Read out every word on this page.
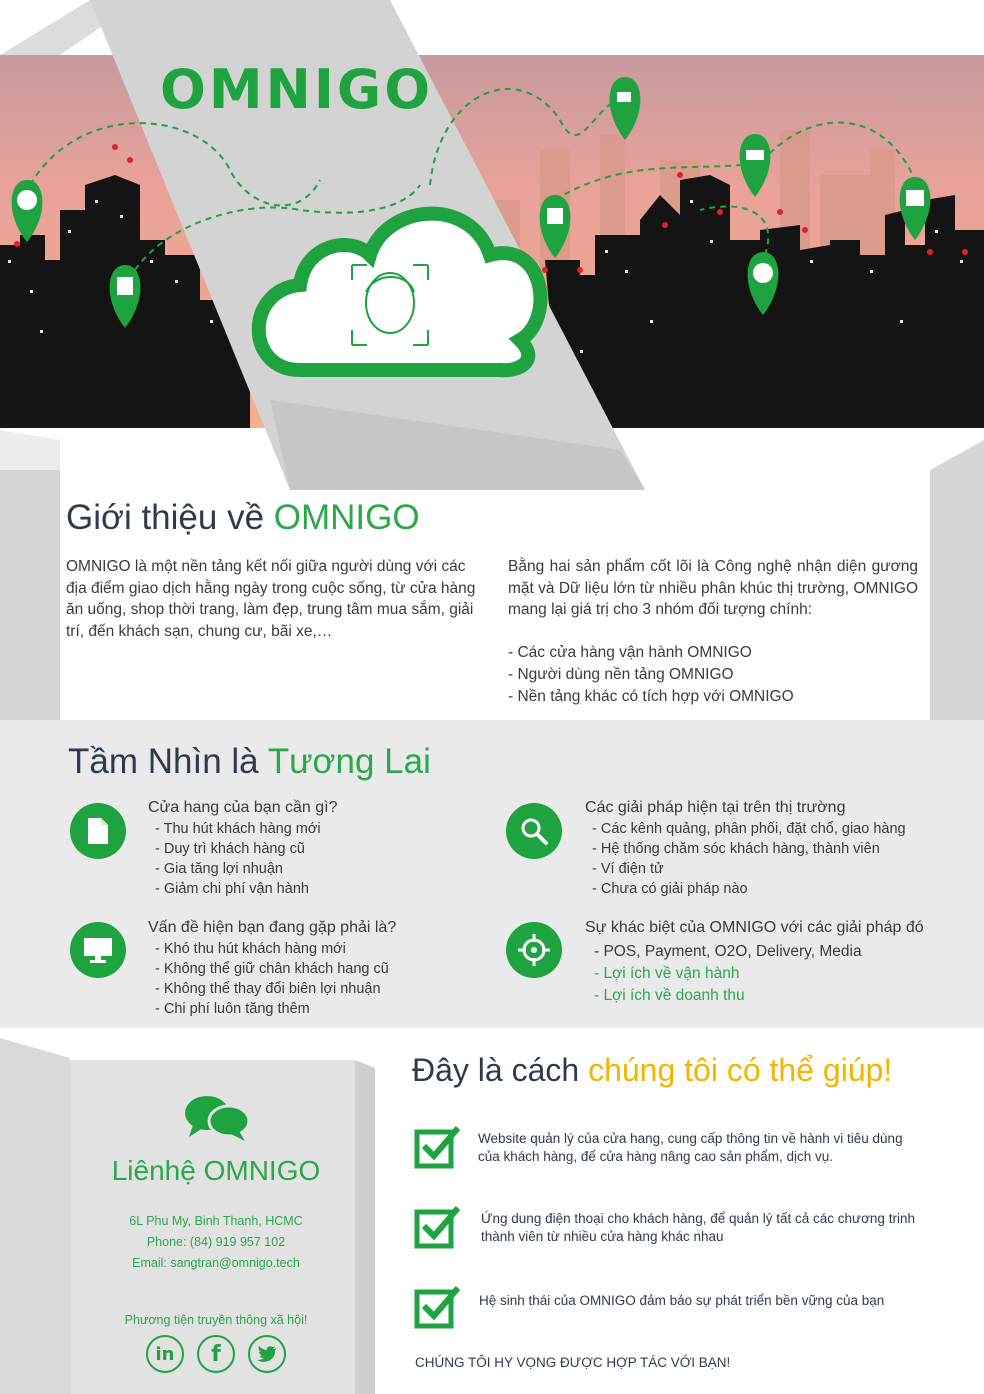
OMNIGO
Giới thiệu về OMNIGO
OMNIGO là một nền tảng kết nối giữa người dùng với các địa điểm giao dịch hằng ngày trong cuộc sống, từ cửa hàng ăn uống, shop thời trang, làm đẹp, trung tâm mua sắm, giải trí, đến khách sạn, chung cư, bãi xe,…
Bằng hai sản phẩm cốt lõi là Công nghệ nhận diện gương mặt và Dữ liệu lớn từ nhiều phân khúc thị trường, OMNIGO mang lại giá trị cho 3 nhóm đối tượng chính:
- Các cửa hàng vận hành OMNIGO
- Người dùng nền tảng OMNIGO
- Nền tảng khác có tích hợp với OMNIGO
Tầm Nhìn là Tương Lai
Cửa hang của bạn cần gì?
- Thu hút khách hàng mới
- Duy trì khách hàng cũ
- Gia tăng lợi nhuận
- Giảm chi phí vận hành
Các giải pháp hiện tại trên thị trường
- Các kênh quảng, phân phối, đặt chổ, giao hàng
- Hệ thống chăm sóc khách hàng, thành viên
- Ví điện tử
- Chưa có giải pháp nào
Vấn đề hiện bạn đang gặp phải là?
- Khó thu hút khách hàng mới
- Không thể giữ chân khách hang cũ
- Không thể thay đổi biên lợi nhuận
- Chi phí luôn tăng thêm
Sự khác biệt của OMNIGO với các giải pháp đó
- POS, Payment, O2O, Delivery, Media
- Lợi ích về vận hành
- Lợi ích về doanh thu
Liênhệ OMNIGO
6L Phu My, Binh Thanh, HCMC
Phone: (84) 919 957 102
Email: sangtran@omnigo.tech
Phương tiện truyền thông xã hội!
in f
Đây là cách chúng tôi có thể giúp!
Website quản lý của cửa hang, cung cấp thông tin về hành vi tiêu dùng của khách hàng, để cửa hàng nâng cao sản phẩm, dịch vụ.
Ứng dung điện thoại cho khách hàng, để quản lý tất cả các chương trinh thành viên từ nhiều cửa hàng khác nhau
Hệ sinh thái của OMNIGO đảm bảo sự phát triển bền vững của bạn
CHÚNG TÔI HY VỌNG ĐƯỢC HỢP TÁC VỚI BẠN!
